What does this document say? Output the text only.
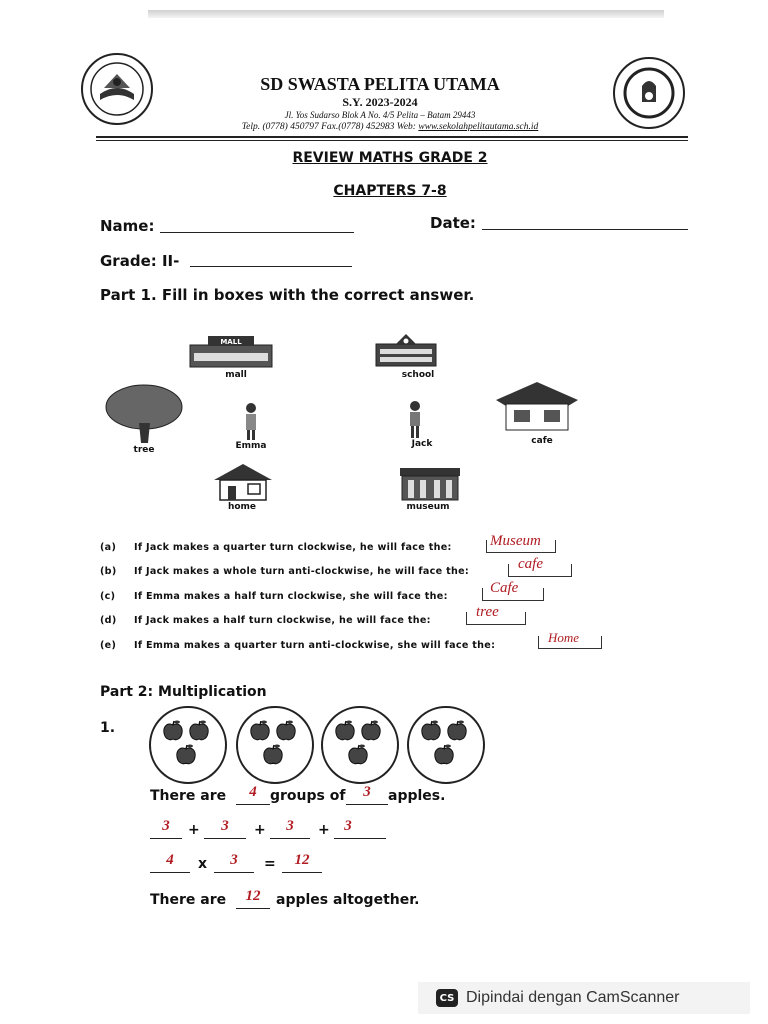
SD SWASTA PELITA UTAMA
S.Y. 2023-2024
Jl. Yos Sudarso Blok A No. 4/5 Pelita – Batam 29443
Telp. (0778) 450797 Fax.(0778) 452983 Web: www.sekolahpelitautama.sch.id
REVIEW MATHS GRADE 2
CHAPTERS 7-8
Name:	Date:
Grade: II-
Part 1. Fill in boxes with the correct answer.
MALL
mall	school
tree	Emma	Jack	cafe
home	museum
(a) If Jack makes a quarter turn clockwise, he will face the:	Museum
(b) If Jack makes a whole turn anti-clockwise, he will face the:	cafe
(c) If Emma makes a half turn clockwise, she will face the:
Cafe
(d) If Jack makes a half turn clockwise, he will face the:
tree
(e) If Emma makes a quarter turn anti-clockwise, she will face the:
Home
Part 2: Multiplication
1.
There are	4 groups of	3	apples.
3	+	3	+	3	+ 3
4	x	3	=	12
There are	12	apples altogether.
CS Dipindai dengan CamScanner
